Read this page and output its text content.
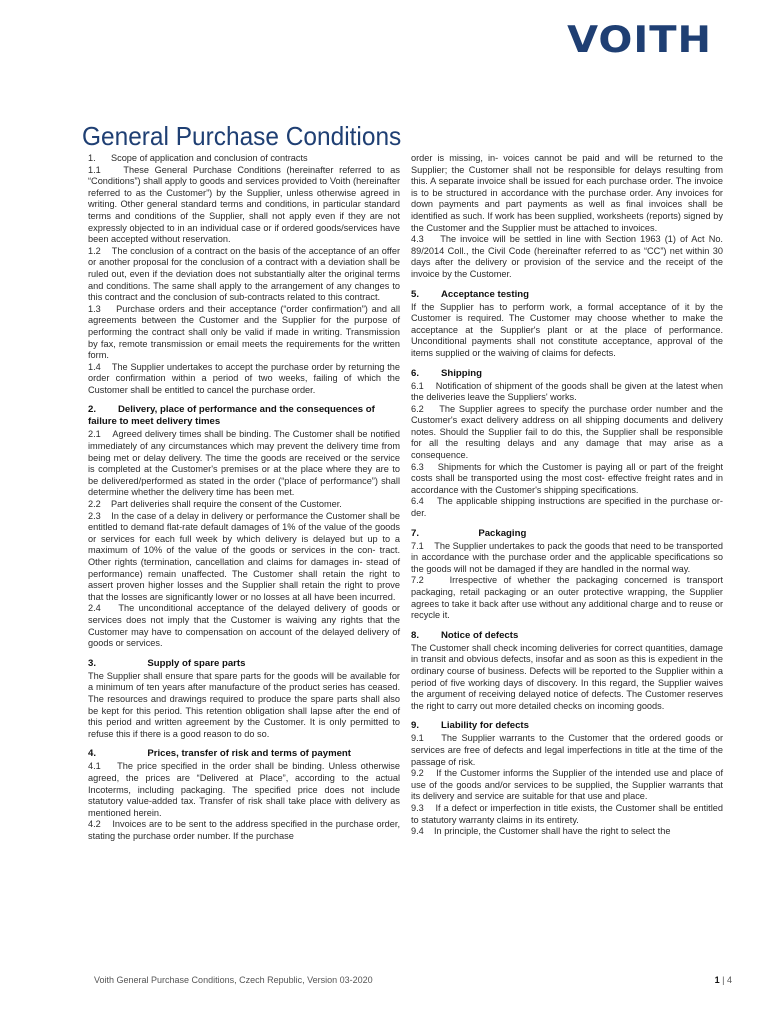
VOITH
General Purchase Conditions

1.      Scope of application and conclusion of contracts

1.1    These General Purchase Conditions (hereinafter referred to as “Conditions”) shall apply to goods and services provided to Voith (hereinafter referred to as the Customer”) by the Supplier, unless otherwise agreed in writing. Other general standard terms and conditions, in particular standard terms and conditions of the Supplier, shall not apply even if they are not expressly objected to in an individual case or if ordered goods/services have been accepted without reservation.

1.2    The conclusion of a contract on the basis of the acceptance of an offer or another proposal for the conclusion of a contract with a deviation shall be ruled out, even if the deviation does not substantially alter the original terms and conditions. The same shall apply to the arrangement of any changes to this contract and the conclusion of sub-contracts related to this contract.

1.3    Purchase orders and their acceptance (“order confirmation”) and all agreements between the Customer and the Supplier for the purpose of performing the contract shall only be valid if made in writing. Transmission by fax, remote transmission or email meets the requirements for the written form.

1.4    The Supplier undertakes to accept the purchase order by returning the order confirmation within a period of two weeks, failing of which the Customer shall be entitled to cancel the purchase order.

2. Delivery, place of performance and the consequences of failure to meet delivery times

2.1    Agreed delivery times shall be binding. The Customer shall be notified immediately of any circumstances which may prevent the delivery time from being met or delay delivery. The time the goods are received or the service is completed at the Customer's premises or at the place where they are to be delivered/performed as stated in the order (“place of performance”) shall determine whether the delivery time has been met.

2.2    Part deliveries shall require the consent of the Customer.

2.3    In the case of a delay in delivery or performance the Customer shall be entitled to demand flat-rate default damages of 1% of the value of the goods or services for each full week by which delivery is delayed but up to a maximum of 10% of the value of the goods or services in the con- tract. Other rights (termination, cancellation and claims for damages in- stead of performance) remain unaffected. The Customer shall retain the right to assert proven higher losses and the Supplier shall retain the right to prove that the losses are significantly lower or no losses at all have been incurred.

2.4    The unconditional acceptance of the delayed delivery of goods or services does not imply that the Customer is waiving any rights that the Customer may have to compensation on account of the delayed delivery of goods or services.

3.           Supply of spare parts

The Supplier shall ensure that spare parts for the goods will be available for a minimum of ten years after manufacture of the product series has ceased. The resources and drawings required to produce the spare parts shall also be kept for this period. This retention obligation shall lapse after the end of this period and written agreement by the Customer. It is only permitted to refuse this if there is a good reason to do so.

4.           Prices, transfer of risk and terms of payment

4.1    The price specified in the order shall be binding. Unless otherwise agreed, the prices are “Delivered at Place”, according to the actual Incoterms, including packaging. The specified price does not include statutory value-added tax. Transfer of risk shall take place with delivery as mentioned herein.

4.2    Invoices are to be sent to the address specified in the purchase order, stating the purchase order number. If the purchase

order is missing, in- voices cannot be paid and will be returned to the Supplier; the Customer shall not be responsible for delays resulting from this. A separate invoice shall be issued for each purchase order. The invoice is to be structured in accordance with the purchase order. Any invoices for down payments and part payments as well as final invoices shall be identified as such. If work has been supplied, worksheets (reports) signed by the Customer and the Supplier must be attached to invoices.

4.3    The invoice will be settled in line with Section 1963 (1) of Act No. 89/2014 Coll., the Civil Code (hereinafter referred to as “CC”) net within 30 days after the delivery or provision of the service and the receipt of the invoice by the Customer.

5. Acceptance testing

If the Supplier has to perform work, a formal acceptance of it by the Customer is required. The Customer may choose whether to make the acceptance at the Supplier's plant or at the place of performance. Unconditional payments shall not constitute acceptance, approval of the items supplied or the waiving of claims for defects.

6. Shipping

6.1    Notification of shipment of the goods shall be given at the latest when the deliveries leave the Suppliers' works.

6.2    The Supplier agrees to specify the purchase order number and the Customer's exact delivery address on all shipping documents and delivery notes. Should the Supplier fail to do this, the Supplier shall be responsible for all the resulting delays and any damage that may arise as a consequence.

6.3    Shipments for which the Customer is paying all or part of the freight costs shall be transported using the most cost- effective freight rates and in accordance with the Customer's shipping specifications.

6.4    The applicable shipping instructions are specified in the purchase or-der.

7.              Packaging

7.1    The Supplier undertakes to pack the goods that need to be transported in accordance with the purchase order and the applicable specifications so the goods will not be damaged if they are handled in the normal way.

7.2    Irrespective of whether the packaging concerned is transport packaging, retail packaging or an outer protective wrapping, the Supplier agrees to take it back after use without any additional charge and to reuse or recycle it.

8. Notice of defects

The Customer shall check incoming deliveries for correct quantities, damage in transit and obvious defects, insofar and as soon as this is expedient in the ordinary course of business. Defects will be reported to the Supplier within a period of five working days of discovery. In this regard, the Supplier waives the argument of receiving delayed notice of defects. The Customer reserves the right to carry out more detailed checks on incoming goods.

9. Liability for defects

9.1    The Supplier warrants to the Customer that the ordered goods or services are free of defects and legal imperfections in title at the time of the passage of risk.

9.2    If the Customer informs the Supplier of the intended use and place of use of the goods and/or services to be supplied, the Supplier warrants that its delivery and service are suitable for that use and place.

9.3    If a defect or imperfection in title exists, the Customer shall be entitled to statutory warranty claims in its entirety.

9.4    In principle, the Customer shall have the right to select the

Voith General Purchase Conditions, Czech Republic, Version 03-2020	1 | 4
